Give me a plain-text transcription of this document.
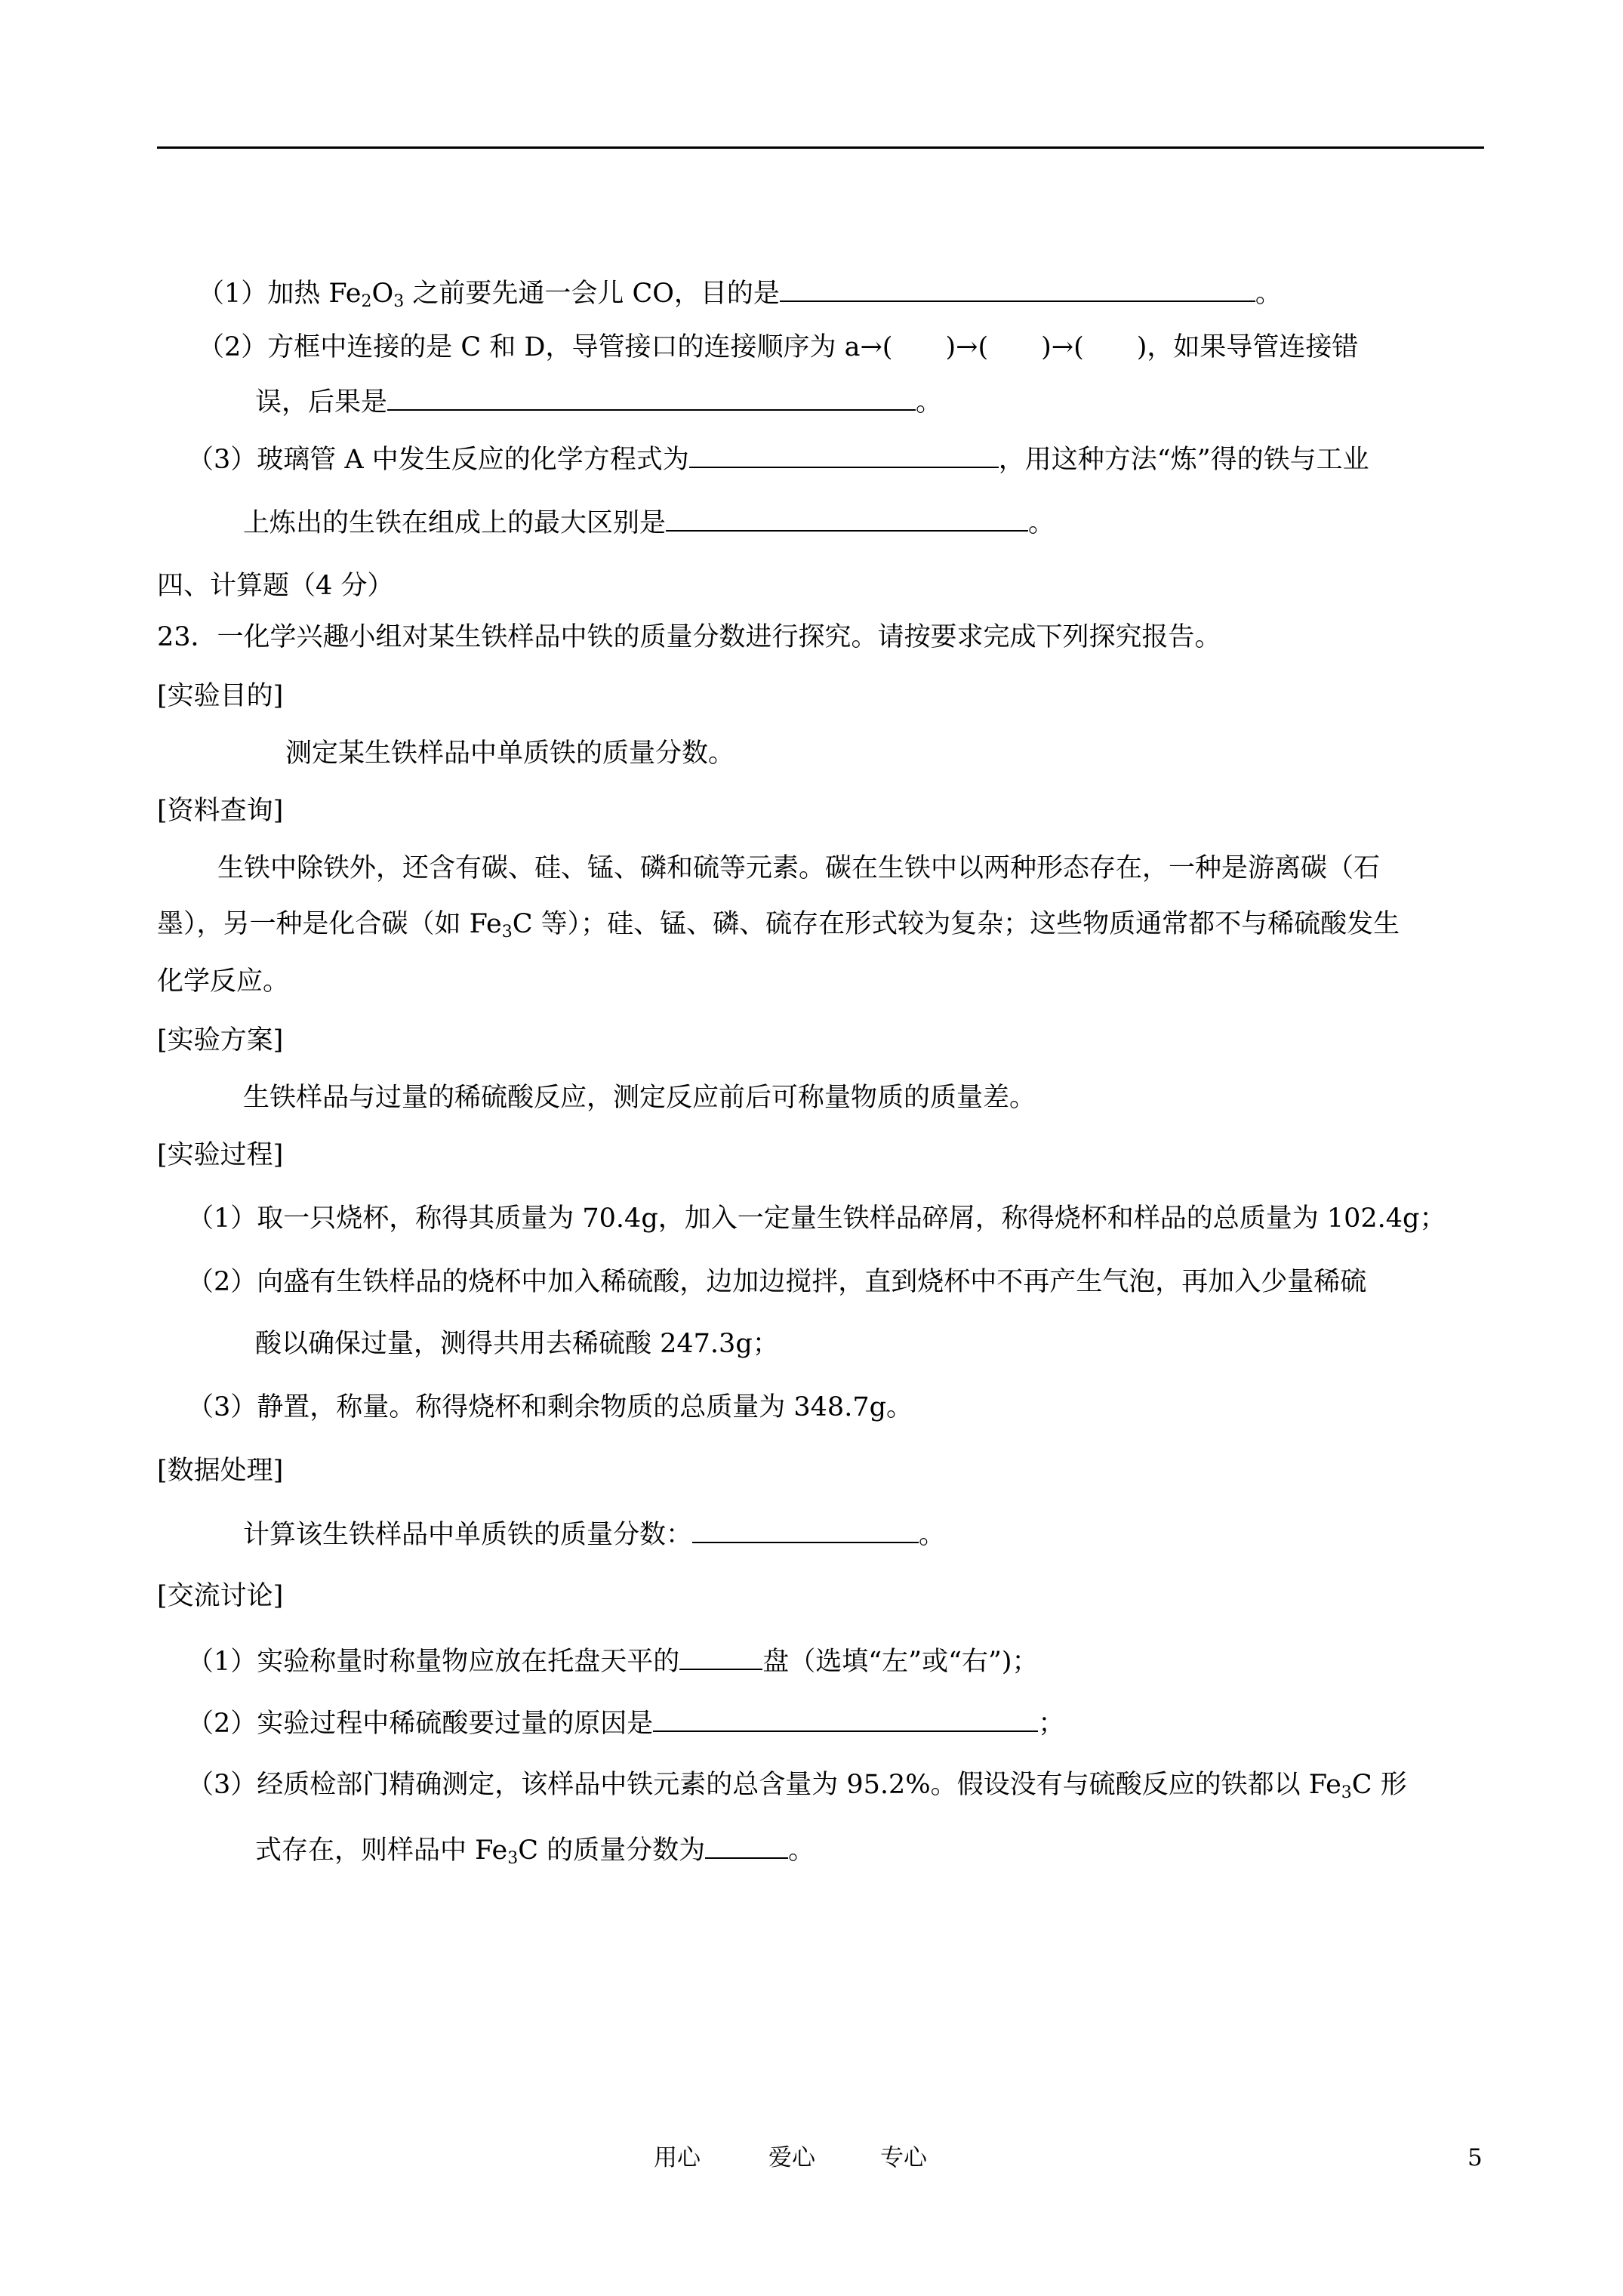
（1）加热 $Fe_2O_3$ 之前要先通一会儿 CO，目的是	。
（2）方框中连接的是 C 和 D，导管接口的连接顺序为 a→(　　)→(　　)→(　　)，如果导管连接错
误，后果是	。
（3）玻璃管 A 中发生反应的化学方程式为	，用这种方法“炼”得的铁与工业
上炼出的生铁在组成上的最大区别是	。
四、计算题（4 分）
23．一化学兴趣小组对某生铁样品中铁的质量分数进行探究。请按要求完成下列探究报告。
[实验目的]
测定某生铁样品中单质铁的质量分数。
[资料查询]
生铁中除铁外，还含有碳、硅、锰、磷和硫等元素。碳在生铁中以两种形态存在，一种是游离碳（石
墨），另一种是化合碳（如 $Fe_3C$ 等）；硅、锰、磷、硫存在形式较为复杂；这些物质通常都不与稀硫酸发生
化学反应。
[实验方案]
生铁样品与过量的稀硫酸反应，测定反应前后可称量物质的质量差。
[实验过程]
（1）取一只烧杯，称得其质量为 70.4g，加入一定量生铁样品碎屑，称得烧杯和样品的总质量为 102.4g；
（2）向盛有生铁样品的烧杯中加入稀硫酸，边加边搅拌，直到烧杯中不再产生气泡，再加入少量稀硫
酸以确保过量，测得共用去稀硫酸 247.3g；
（3）静置，称量。称得烧杯和剩余物质的总质量为 348.7g。
[数据处理]
计算该生铁样品中单质铁的质量分数：	。
[交流讨论]
（1）实验称量时称量物应放在托盘天平的	盘（选填“左”或“右”)；
（2）实验过程中稀硫酸要过量的原因是	；
（3）经质检部门精确测定，该样品中铁元素的总含量为 95.2%。假设没有与硫酸反应的铁都以 $Fe_3C$ 形
式存在，则样品中 $Fe_3C$ 的质量分数为	。
用心	爱心	专心	5
